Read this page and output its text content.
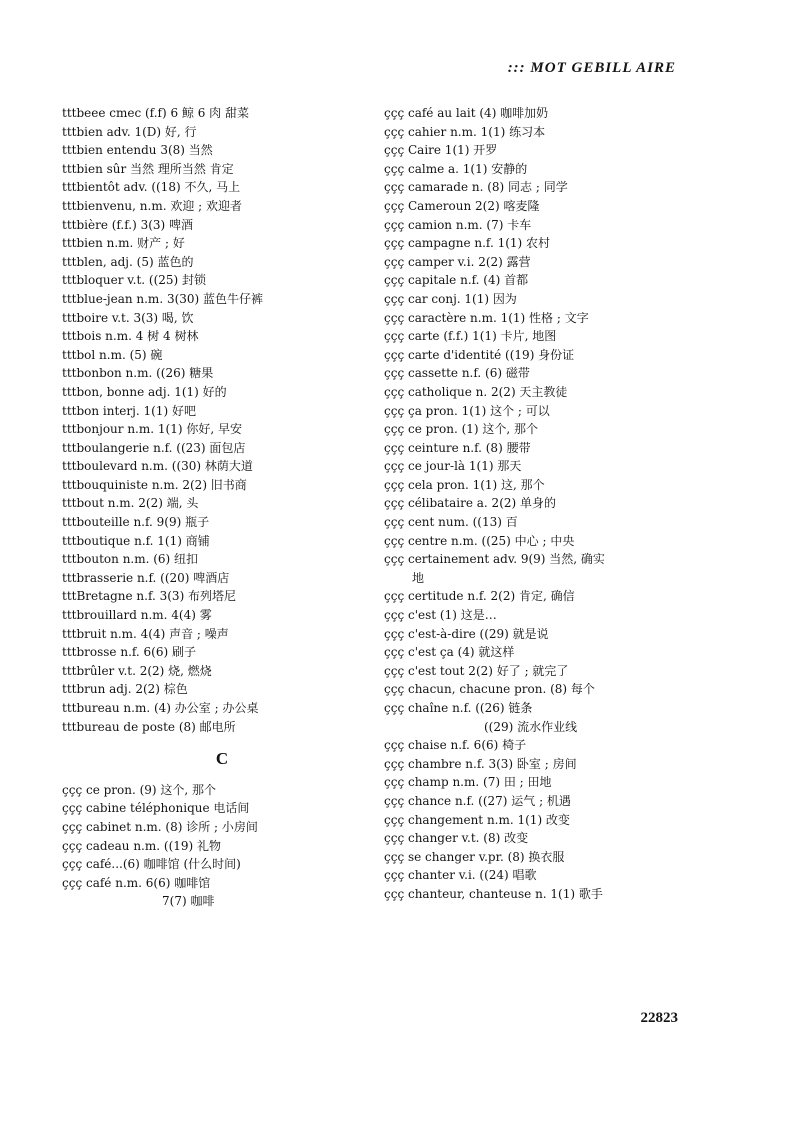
::: MOT GEBILL AIRE
tttbeee cmec (f.f) 6 鲸 6 肉 甜菜
tttbien adv. 1(D) 好, 行
tttbien entendu 3(8) 当然
tttbien sûr 当然 理所当然 肯定
tttbientôt adv. ((18) 不久, 马上
tttbienvenu, n.m. 欢迎 ; 欢迎者
tttbière (f.f.) 3(3) 啤酒
tttbien n.m. 财产 ; 好
tttblen, adj. (5) 蓝色的
tttbloquer v.t. ((25) 封锁
tttblue-jean n.m. 3(30) 蓝色牛仔裤
tttboire v.t. 3(3) 喝, 饮
tttbois n.m. 4 树 4 树林
tttbol n.m. (5) 碗
tttbonbon n.m. ((26) 糖果
tttbon, bonne adj. 1(1) 好的
tttbon interj. 1(1) 好吧
tttbonjour n.m. 1(1) 你好, 早安
tttboulangerie n.f. ((23) 面包店
tttboulevard n.m. ((30) 林荫大道
tttbouquiniste n.m. 2(2) 旧书商
tttbout n.m. 2(2) 端, 头
tttbouteille n.f. 9(9) 瓶子
tttboutique n.f. 1(1) 商铺
tttbouton n.m. (6) 纽扣
tttbrasserie n.f. ((20) 啤酒店
tttBretagne n.f. 3(3) 布列塔尼
tttbrouillard n.m. 4(4) 雾
tttbruit n.m. 4(4) 声音 ; 噪声
tttbrosse n.f. 6(6) 刷子
tttbrûler v.t. 2(2) 烧, 燃烧
tttbrun adj. 2(2) 棕色
tttbureau n.m. (4) 办公室 ; 办公桌
tttbureau de poste (8) 邮电所
C
ççç ce pron. (9) 这个, 那个
ççç cabine téléphonique 电话间
ççç cabinet n.m. (8) 诊所 ; 小房间
ççç cadeau n.m. ((19) 礼物
ççç café...(6) 咖啡馆 (什么时间)
ççç café n.m. 6(6) 咖啡馆
7(7) 咖啡
ççç café au lait (4) 咖啡加奶
ççç cahier n.m. 1(1) 练习本
ççç Caire 1(1) 开罗
ççç calme a. 1(1) 安静的
ççç camarade n. (8) 同志 ; 同学
ççç Cameroun 2(2) 喀麦隆
ççç camion n.m. (7) 卡车
ççç campagne n.f. 1(1) 农村
ççç camper v.i. 2(2) 露营
ççç capitale n.f. (4) 首都
ççç car conj. 1(1) 因为
ççç caractère n.m. 1(1) 性格 ; 文字
ççç carte (f.f.) 1(1) 卡片, 地图
ççç carte d'identité ((19) 身份证
ççç cassette n.f. (6) 磁带
ççç catholique n. 2(2) 天主教徒
ççç ça pron. 1(1) 这个 ; 可以
ççç ce pron. (1) 这个, 那个
ççç ceinture n.f. (8) 腰带
ççç ce jour-là 1(1) 那天
ççç cela pron. 1(1) 这, 那个
ççç célibataire a. 2(2) 单身的
ççç cent num. ((13) 百
ççç centre n.m. ((25) 中心 ; 中央
ççç certainement adv. 9(9) 当然, 确实
地
ççç certitude n.f. 2(2) 肯定, 确信
ççç c'est (1) 这是…
ççç c'est-à-dire ((29) 就是说
ççç c'est ça (4) 就这样
ççç c'est tout 2(2) 好了 ; 就完了
ççç chacun, chacune pron. (8) 每个
ççç chaîne n.f. ((26) 链条
((29) 流水作业线
ççç chaise n.f. 6(6) 椅子
ççç chambre n.f. 3(3) 卧室 ; 房间
ççç champ n.m. (7) 田 ; 田地
ççç chance n.f. ((27) 运气 ; 机遇
ççç changement n.m. 1(1) 改变
ççç changer v.t. (8) 改变
ççç se changer v.pr. (8) 换衣服
ççç chanter v.i. ((24) 唱歌
ççç chanteur, chanteuse n. 1(1) 歌手
22823
